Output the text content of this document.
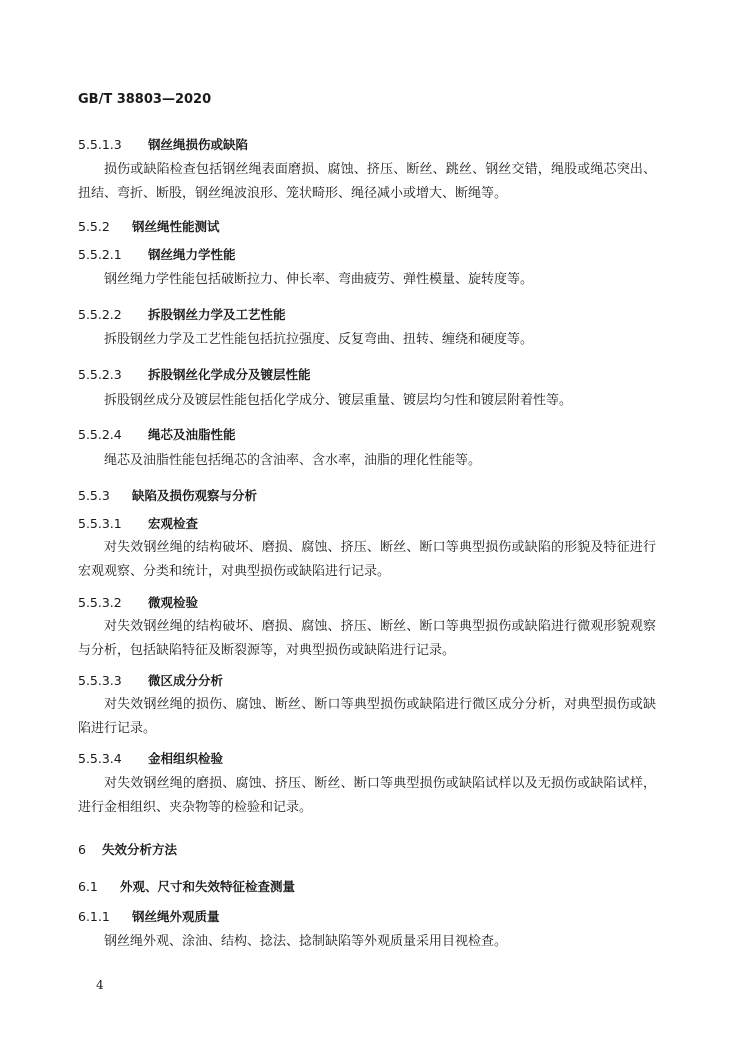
GB/T 38803—2020
5.5.1.3 钢丝绳损伤或缺陷
损伤或缺陷检查包括钢丝绳表面磨损、腐蚀、挤压、断丝、跳丝、钢丝交错，绳股或绳芯突出、扭结、弯折、断股，钢丝绳波浪形、笼状畸形、绳径减小或增大、断绳等。
5.5.2 钢丝绳性能测试
5.5.2.1 钢丝绳力学性能
钢丝绳力学性能包括破断拉力、伸长率、弯曲疲劳、弹性模量、旋转度等。
5.5.2.2 拆股钢丝力学及工艺性能
拆股钢丝力学及工艺性能包括抗拉强度、反复弯曲、扭转、缠绕和硬度等。
5.5.2.3 拆股钢丝化学成分及镀层性能
拆股钢丝成分及镀层性能包括化学成分、镀层重量、镀层均匀性和镀层附着性等。
5.5.2.4 绳芯及油脂性能
绳芯及油脂性能包括绳芯的含油率、含水率，油脂的理化性能等。
5.5.3 缺陷及损伤观察与分析
5.5.3.1 宏观检查
对失效钢丝绳的结构破坏、磨损、腐蚀、挤压、断丝、断口等典型损伤或缺陷的形貌及特征进行宏观观察、分类和统计，对典型损伤或缺陷进行记录。
5.5.3.2 微观检验
对失效钢丝绳的结构破坏、磨损、腐蚀、挤压、断丝、断口等典型损伤或缺陷进行微观形貌观察与分析，包括缺陷特征及断裂源等，对典型损伤或缺陷进行记录。
5.5.3.3 微区成分分析
对失效钢丝绳的损伤、腐蚀、断丝、断口等典型损伤或缺陷进行微区成分分析，对典型损伤或缺陷进行记录。
5.5.3.4 金相组织检验
对失效钢丝绳的磨损、腐蚀、挤压、断丝、断口等典型损伤或缺陷试样以及无损伤或缺陷试样，进行金相组织、夹杂物等的检验和记录。
6 失效分析方法
6.1 外观、尺寸和失效特征检查测量
6.1.1 钢丝绳外观质量
钢丝绳外观、涂油、结构、捻法、捻制缺陷等外观质量采用目视检查。
4
